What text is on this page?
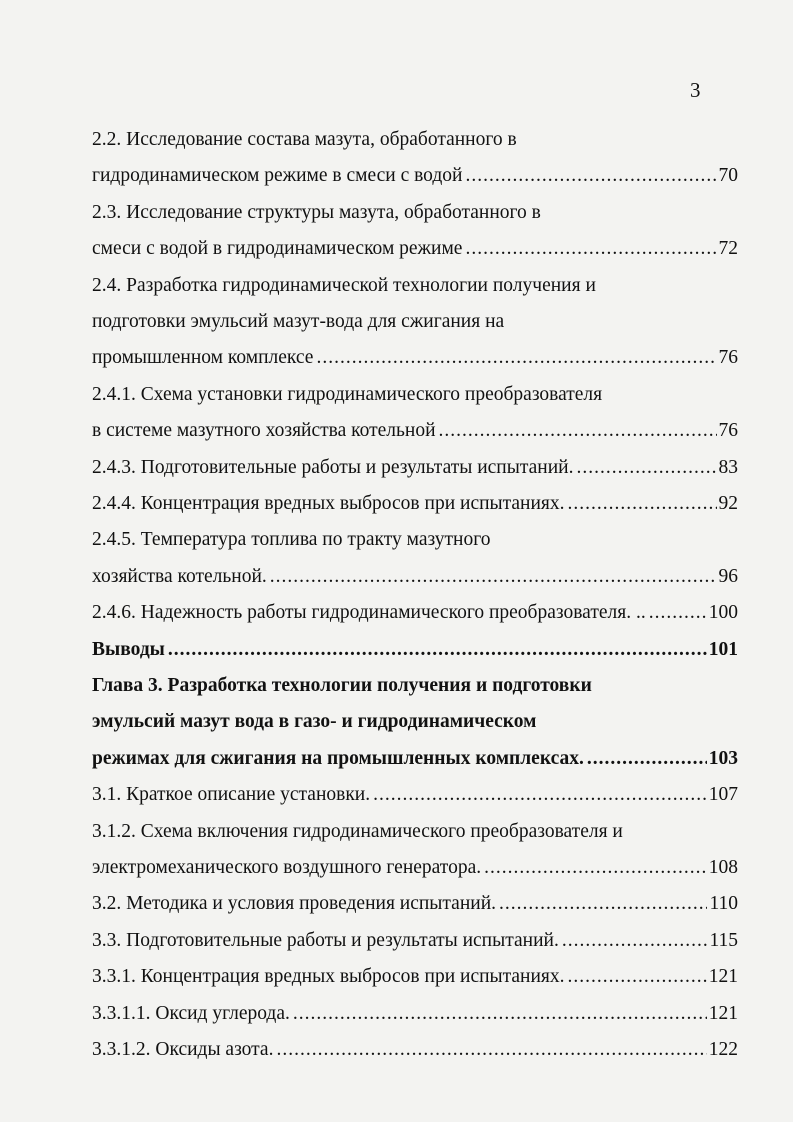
3
2.2. Исследование состава мазута, обработанного в
гидродинамическом режиме в смеси с водой .....	70
2.3. Исследование структуры мазута, обработанного в
смеси с водой в гидродинамическом режиме .....	72
2.4. Разработка гидродинамической технологии получения и
подготовки эмульсий мазут-вода для сжигания на
промышленном комплексе .....	76
2.4.1. Схема установки гидродинамического преобразователя
в системе мазутного хозяйства котельной .....	76
2.4.3. Подготовительные работы и результаты испытаний. .....	83
2.4.4. Концентрация вредных выбросов при испытаниях. .....	92
2.4.5. Температура топлива по тракту мазутного
хозяйства котельной. .....	96
2.4.6. Надежность работы гидродинамического преобразователя. .. .....	100
Выводы .....	101
Глава 3. Разработка технологии получения и подготовки
эмульсий мазут вода в газо- и гидродинамическом
режимах для сжигания на промышленных комплексах. .....	103
3.1. Краткое описание установки. .....	107
3.1.2. Схема включения гидродинамического преобразователя и
электромеханического воздушного генератора. .....	108
3.2. Методика и условия проведения испытаний. .....	110
3.3. Подготовительные работы и результаты испытаний. .....	115
3.3.1. Концентрация вредных выбросов при испытаниях. .....	121
3.3.1.1. Оксид углерода. .....	121
3.3.1.2. Оксиды азота. .....	122
